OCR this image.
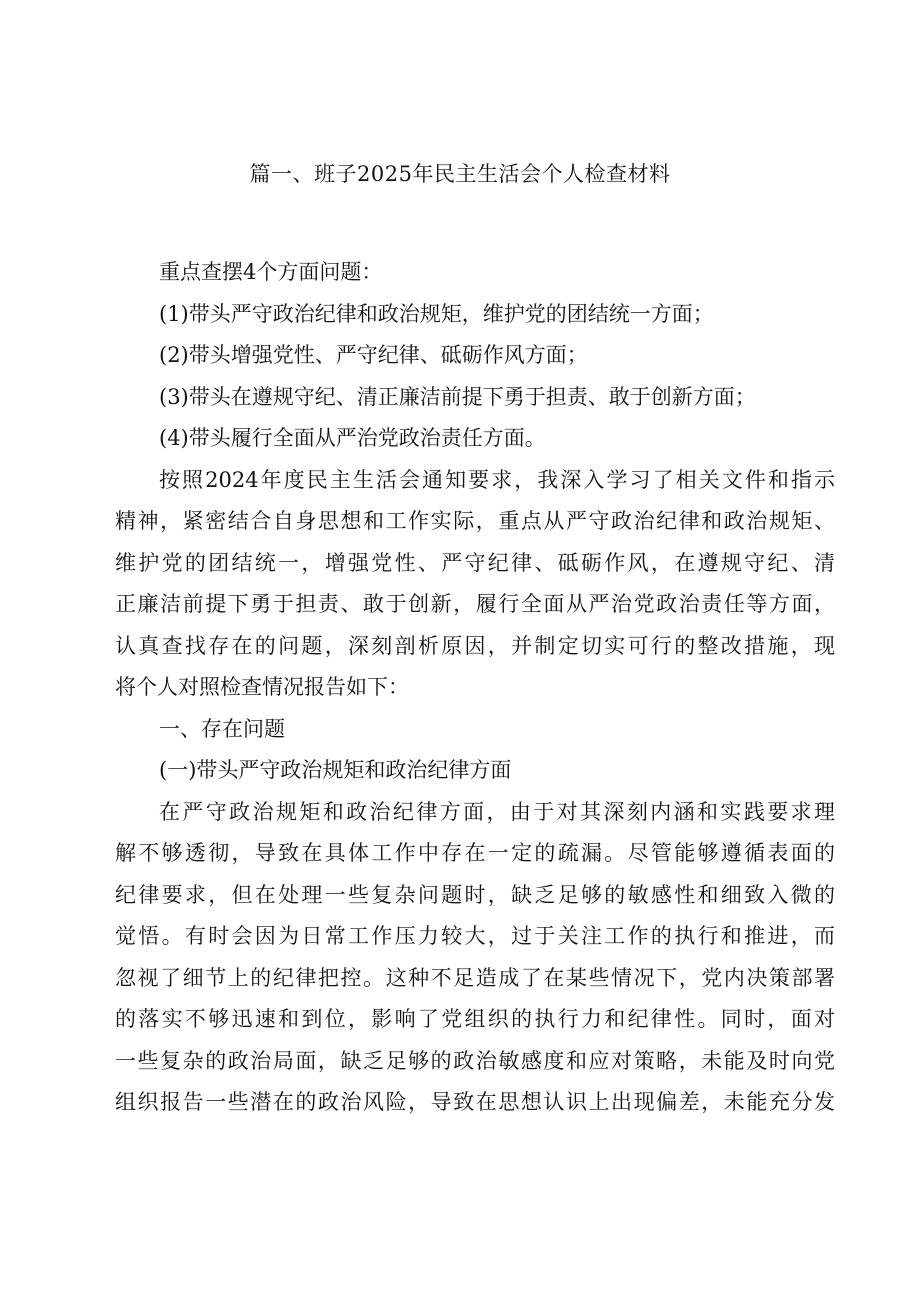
篇一、班子2025年民主生活会个人检查材料
重点查摆4个方面问题：
(1)带头严守政治纪律和政治规矩，维护党的团结统一方面；
(2)带头增强党性、严守纪律、砥砺作风方面；
(3)带头在遵规守纪、清正廉洁前提下勇于担责、敢于创新方面；
(4)带头履行全面从严治党政治责任方面。
按照2024年度民主生活会通知要求，我深入学习了相关文件和指示
精神，紧密结合自身思想和工作实际，重点从严守政治纪律和政治规矩、
维护党的团结统一，增强党性、严守纪律、砥砺作风，在遵规守纪、清
正廉洁前提下勇于担责、敢于创新，履行全面从严治党政治责任等方面，
认真查找存在的问题，深刻剖析原因，并制定切实可行的整改措施，现
将个人对照检查情况报告如下：
一、存在问题
(一)带头严守政治规矩和政治纪律方面
在严守政治规矩和政治纪律方面，由于对其深刻内涵和实践要求理
解不够透彻，导致在具体工作中存在一定的疏漏。尽管能够遵循表面的
纪律要求，但在处理一些复杂问题时，缺乏足够的敏感性和细致入微的
觉悟。有时会因为日常工作压力较大，过于关注工作的执行和推进，而
忽视了细节上的纪律把控。这种不足造成了在某些情况下，党内决策部署
的落实不够迅速和到位，影响了党组织的执行力和纪律性。同时，面对
一些复杂的政治局面，缺乏足够的政治敏感度和应对策略，未能及时向党
组织报告一些潜在的政治风险，导致在思想认识上出现偏差，未能充分发
